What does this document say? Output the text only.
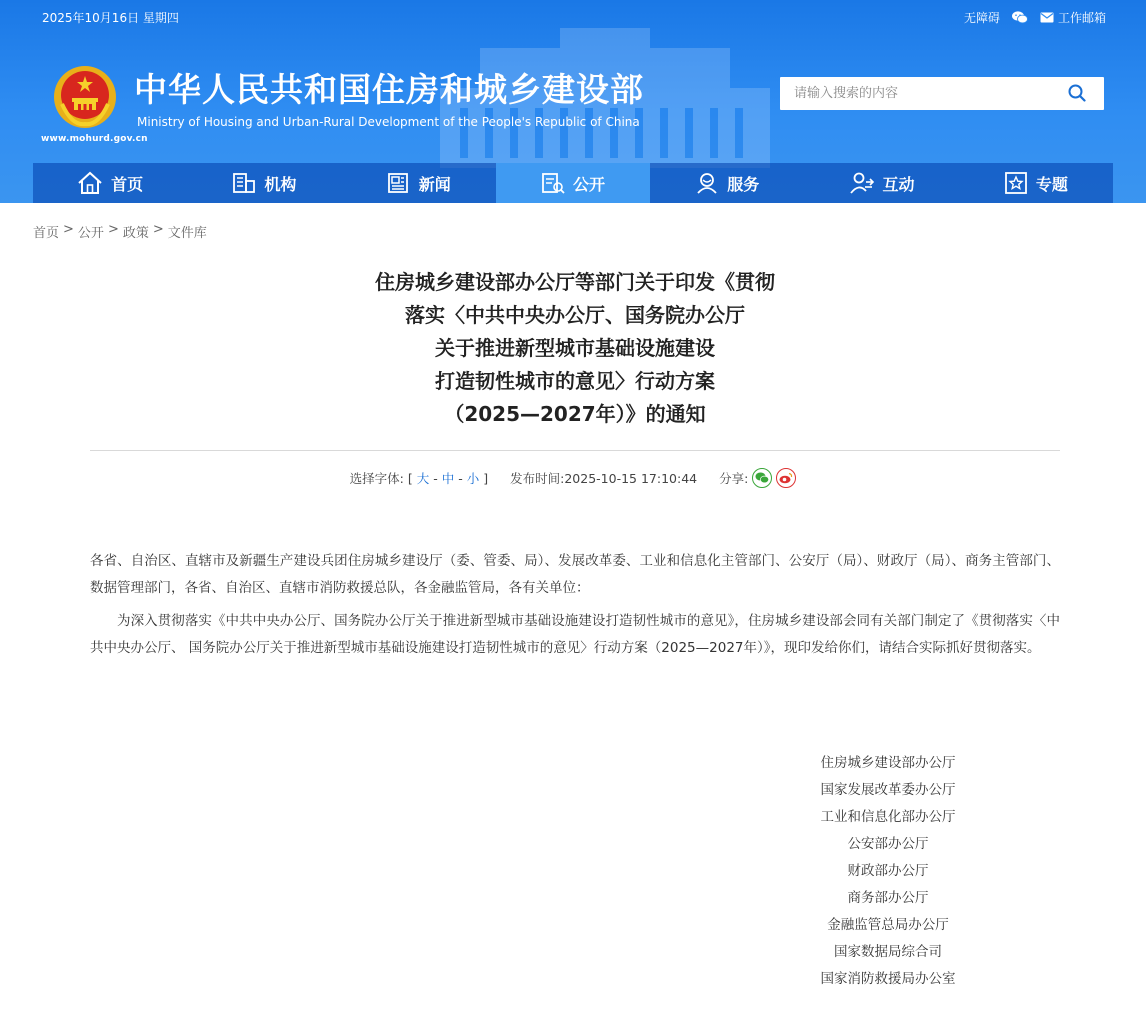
2025年10月16日 星期四	无障碍	工作邮箱
www.mohurd.gov.cn
中华人民共和国住房和城乡建设部
Ministry of Housing and Urban-Rural Development of the People's Republic of China
请输入搜索的内容
首页	机构	新闻	公开	服务	互动	专题
首页 > 公开 > 政策 > 文件库
住房城乡建设部办公厅等部门关于印发《贯彻
落实〈中共中央办公厅、国务院办公厅
关于推进新型城市基础设施建设
打造韧性城市的意见〉行动方案
（2025—2027年）》的通知
选择字体: [ 大 - 中 - 小 ] 发布时间: 2025-10-15 17:10:44 分享:

各省、自治区、直辖市及新疆生产建设兵团住房城乡建设厅（委、管委、局）、发展改革委、工业和信息化主管部门、公安厅（局）、财政厅（局）、商务主管部门、数据管理部门，各省、自治区、直辖市消防救援总队，各金融监管局，各有关单位：

为深入贯彻落实《中共中央办公厅、国务院办公厅关于推进新型城市基础设施建设打造韧性城市的意见》，住房城乡建设部会同有关部门制定了《贯彻落实〈中共中央办公厅、 国务院办公厅关于推进新型城市基础设施建设打造韧性城市的意见〉行动方案（2025—2027年）》，现印发给你们，请结合实际抓好贯彻落实。

住房城乡建设部办公厅
国家发展改革委办公厅
工业和信息化部办公厅
公安部办公厅
财政部办公厅
商务部办公厅
金融监管总局办公厅
国家数据局综合司
国家消防救援局办公室
